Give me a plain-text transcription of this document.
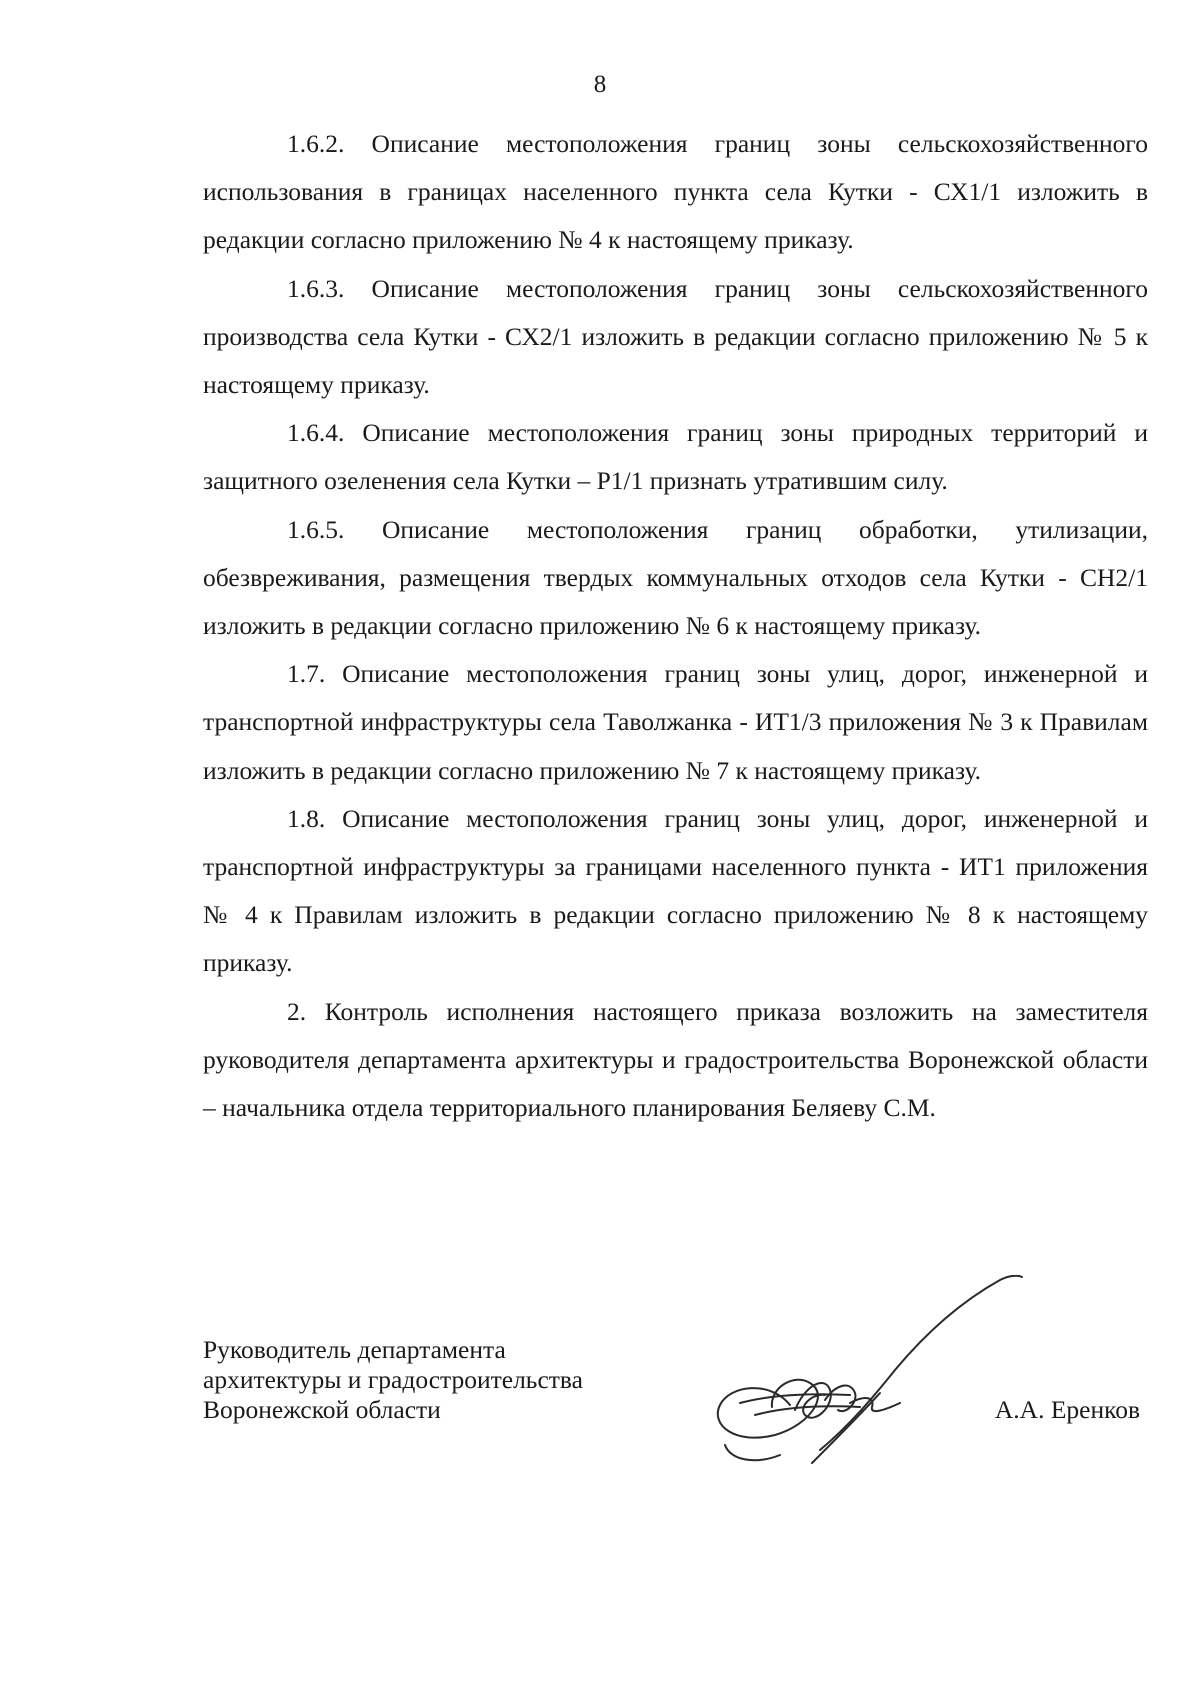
8

1.6.2. Описание местоположения границ зоны сельскохозяйственного использования в границах населенного пункта села Кутки - СХ1/1 изложить в редакции согласно приложению № 4 к настоящему приказу.

1.6.3. Описание местоположения границ зоны сельскохозяйственного производства села Кутки - СХ2/1 изложить в редакции согласно приложению № 5 к настоящему приказу.

1.6.4. Описание местоположения границ зоны природных территорий и защитного озеленения села Кутки – Р1/1 признать утратившим силу.

1.6.5. Описание местоположения границ обработки, утилизации, обезвреживания, размещения твердых коммунальных отходов села Кутки - СН2/1 изложить в редакции согласно приложению № 6 к настоящему приказу.

1.7. Описание местоположения границ зоны улиц, дорог, инженерной и транспортной инфраструктуры села Таволжанка - ИТ1/3 приложения № 3 к Правилам изложить в редакции согласно приложению № 7 к настоящему приказу.

1.8. Описание местоположения границ зоны улиц, дорог, инженерной и транспортной инфраструктуры за границами населенного пункта - ИТ1 приложения № 4 к Правилам изложить в редакции согласно приложению № 8 к настоящему приказу.

2. Контроль исполнения настоящего приказа возложить на заместителя руководителя департамента архитектуры и градостроительства Воронежской области – начальника отдела территориального планирования Беляеву С.М.

Руководитель департамента
архитектуры и градостроительства
Воронежской области	А.А. Еренков
